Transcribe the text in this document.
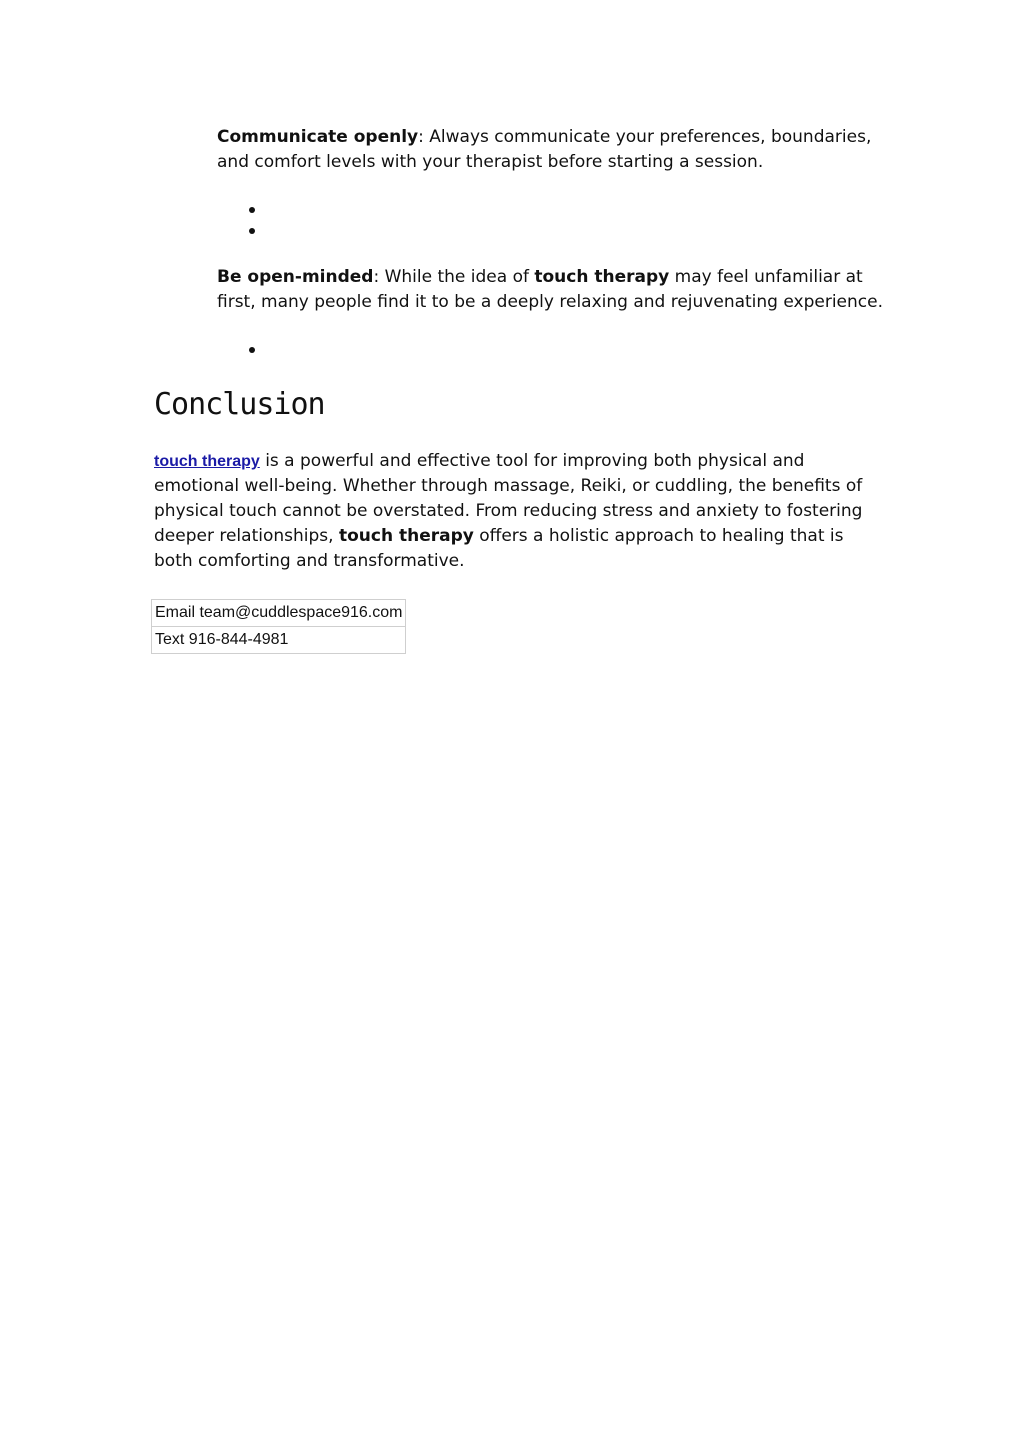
Communicate openly: Always communicate your preferences, boundaries, and comfort levels with your therapist before starting a session.

Be open-minded: While the idea of touch therapy may feel unfamiliar at first, many people find it to be a deeply relaxing and rejuvenating experience.

Conclusion

touch therapy is a powerful and effective tool for improving both physical and emotional well-being. Whether through massage, Reiki, or cuddling, the benefits of physical touch cannot be overstated. From reducing stress and anxiety to fostering deeper relationships, touch therapy offers a holistic approach to healing that is both comforting and transformative.

Email team@cuddlespace916.com
Text 916-844-4981
